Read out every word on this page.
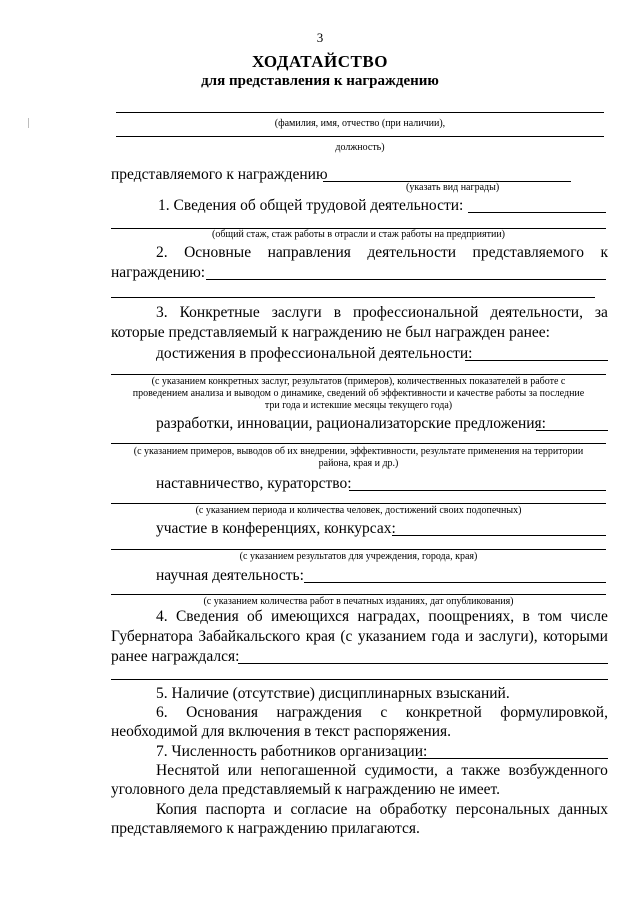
3
ХОДАТАЙСТВО
для представления к награждению
(фамилия, имя, отчество (при наличии),
должность)
представляемого к награждению
(указать вид награды)
1. Сведения об общей трудовой деятельности:
(общий стаж, стаж работы в отрасли и стаж работы на предприятии)
2. Основные направления деятельности представляемого к
награждению:
3. Конкретные заслуги в профессиональной деятельности, за
которые представляемый к награждению не был награжден ранее:
достижения в профессиональной деятельности:
(с указанием конкретных заслуг, результатов (примеров), количественных показателей в работе с
проведением анализа и выводом о динамике, сведений об эффективности и качестве работы за последние
три года и истекшие месяцы текущего года)
разработки, инновации, рационализаторские предложения:
(с указанием примеров, выводов об их внедрении, эффективности, результате применения на территории
района, края и др.)
наставничество, кураторство:
(с указанием периода и количества человек, достижений своих подопечных)
участие в конференциях, конкурсах:
(с указанием результатов для учреждения, города, края)
научная деятельность:
(с указанием количества работ в печатных изданиях, дат опубликования)
4. Сведения об имеющихся наградах, поощрениях, в том числе
Губернатора Забайкальского края (с указанием года и заслуги), которыми
ранее награждался:
5. Наличие (отсутствие) дисциплинарных взысканий.
6. Основания награждения с конкретной формулировкой,
необходимой для включения в текст распоряжения.
7. Численность работников организации:
Неснятой или непогашенной судимости, а также возбужденного
уголовного дела представляемый к награждению не имеет.
Копия паспорта и согласие на обработку персональных данных
представляемого к награждению прилагаются.
